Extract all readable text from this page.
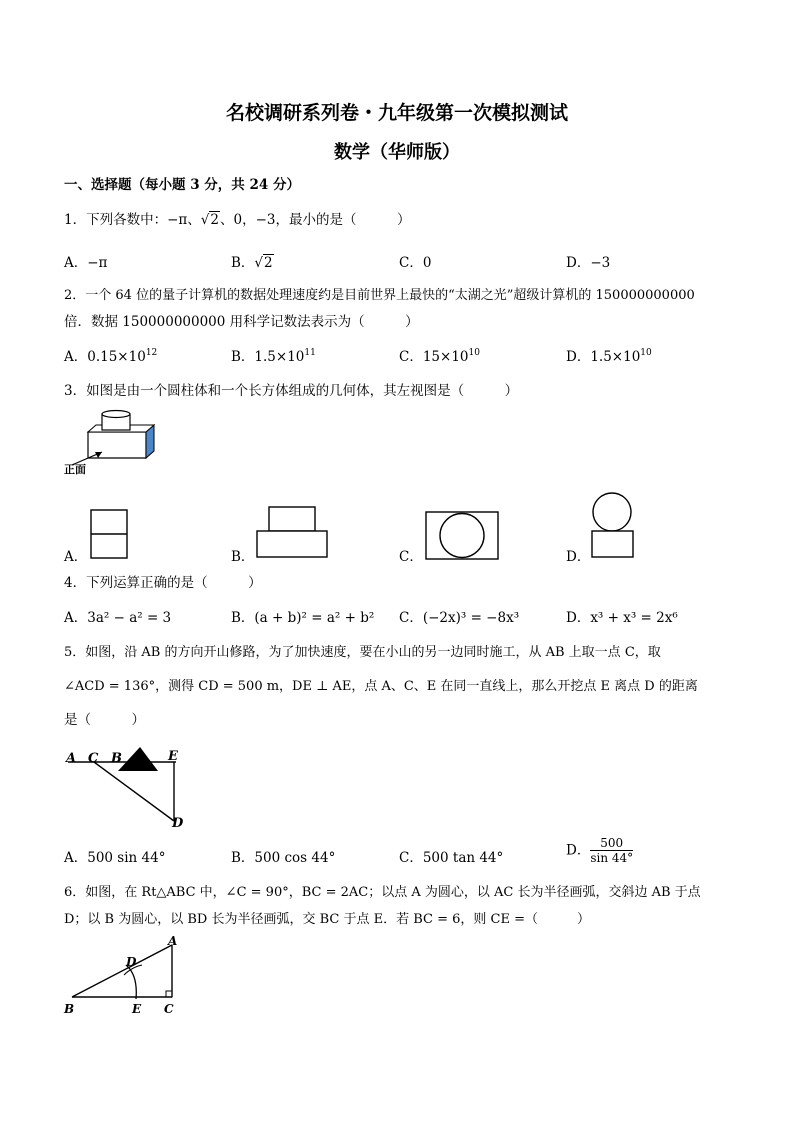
名校调研系列卷・九年级第一次模拟测试
数学（华师版）
一、选择题（每小题 3 分，共 24 分）
1．下列各数中：−π、√2、0，−3，最小的是（　　　）
A．−π	B．√2	C．0	D．−3
2．一个 64 位的量子计算机的数据处理速度约是目前世界上最快的“太湖之光”超级计算机的 150000000000
倍．数据 150000000000 用科学记数法表示为（　　　）
A．$0.15\times 10^{12}$	B．$1.5\times 10^{11}$	C．$15\times 10^{10}$	D．$1.5\times 10^{10}$
3．如图是由一个圆柱体和一个长方体组成的几何体，其左视图是（　　　）
正面
A．	B．	C．	D．
4．下列运算正确的是（　　　）
A．3a² − a² = 3	B．(a + b)² = a² + b² C．(−2x)³ = −8x³	D．x³ + x³ = 2x⁶
5．如图，沿 AB 的方向开山修路，为了加快速度，要在小山的另一边同时施工，从 AB 上取一点 C，取
∠ACD = 136°，测得 CD = 500 m，DE ⊥ AE，点 A、C、E 在同一直线上，那么开挖点 E 离点 D 的距离
是（　　　）
A C B	E
D
A．500 sin 44°	B．500 cos 44°	C．500 tan 44°	D． $\frac{500}{\sin 44^\circ}$
6．如图，在 Rt△ABC 中，∠C = 90°，BC = 2AC；以点 A 为圆心，以 AC 长为半径画弧，交斜边 AB 于点
D；以 B 为圆心，以 BD 长为半径画弧，交 BC 于点 E．若 BC = 6，则 CE =（　　　）
A
D
B	E C
